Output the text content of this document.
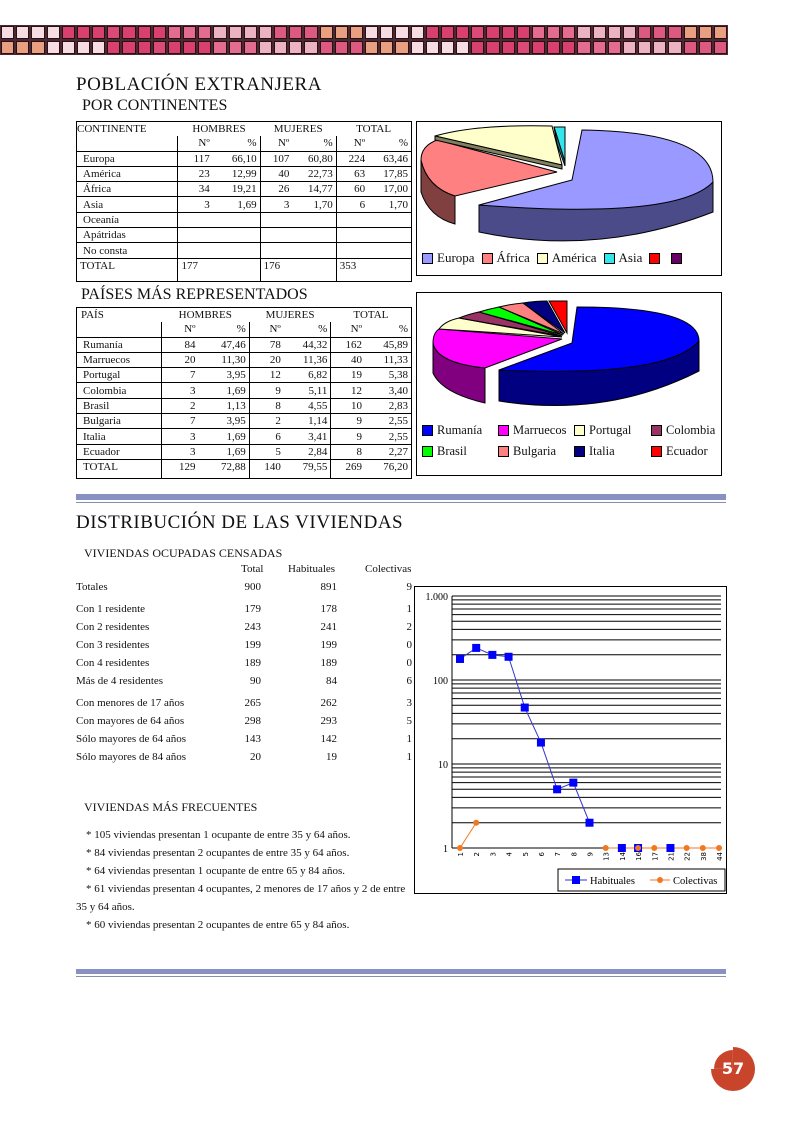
POBLACIÓN EXTRANJERA
POR CONTINENTES
CONTINENTE	HOMBRES		MUJERES		TOTAL	
	Nº	%	Nº	%	Nº	%
Europa	117	66,10	107	60,80	224	63,46
América	23	12,99	40	22,73	63	17,85
África	34	19,21	26	14,77	60	17,00
Asia	3	1,69	3	1,70	6	1,70
Oceanía						
Apátridas						
No consta						
TOTAL	177		176		353	
Europa África América Asia
PAÍSES MÁS REPRESENTADOS
PAÍS	HOMBRES		MUJERES		TOTAL	
	Nº	%	Nº	%	Nº	%
Rumanía	84	47,46	78	44,32	162	45,89
Marruecos	20	11,30	20	11,36	40	11,33
Portugal	7	3,95	12	6,82	19	5,38
Colombia	3	1,69	9	5,11	12	3,40
Brasil	2	1,13	8	4,55	10	2,83
Bulgaria	7	3,95	2	1,14	9	2,55
Italia	3	1,69	6	3,41	9	2,55
Ecuador	3	1,69	5	2,84	8	2,27
TOTAL	129	72,88	140	79,55	269	76,20
Rumanía Marruecos Portugal	Colombia
Brasil	Bulgaria	Italia	Ecuador
DISTRIBUCIÓN DE LAS VIVIENDAS
VIVIENDAS OCUPADAS CENSADAS
Total Habituales	Colectivas
Totales	900	891	9
Con 1 residente	179	178	1
Con 2 residentes	243	241	2
Con 3 residentes	199	199	0
Con 4 residentes	189	189	0
Más de 4 residentes	90	84	6
Con menores de 17 años	265	262	3
Con mayores de 64 años	298	293	5
Sólo mayores de 64 años	143	142	1
Sólo mayores de 84 años	20	19	1
VIVIENDAS MÁS FRECUENTES

* 105 viviendas presentan 1 ocupante de entre 35 y 64 años.

* 84 viviendas presentan 2 ocupantes de entre 35 y 64 años.

* 64 viviendas presentan 1 ocupante de entre 65 y 84 años.

* 61 viviendas presentan 4 ocupantes, 2 menores de 17 años y 2 de entre 35 y 64 años.

* 60 viviendas presentan 2 ocupantes de entre 65 y 84 años.

1.000
100
10
1 1 2 3 4 5 6 7 8 9 13 14 16 17 21 22 38 44
Habituales	Colectivas
57
